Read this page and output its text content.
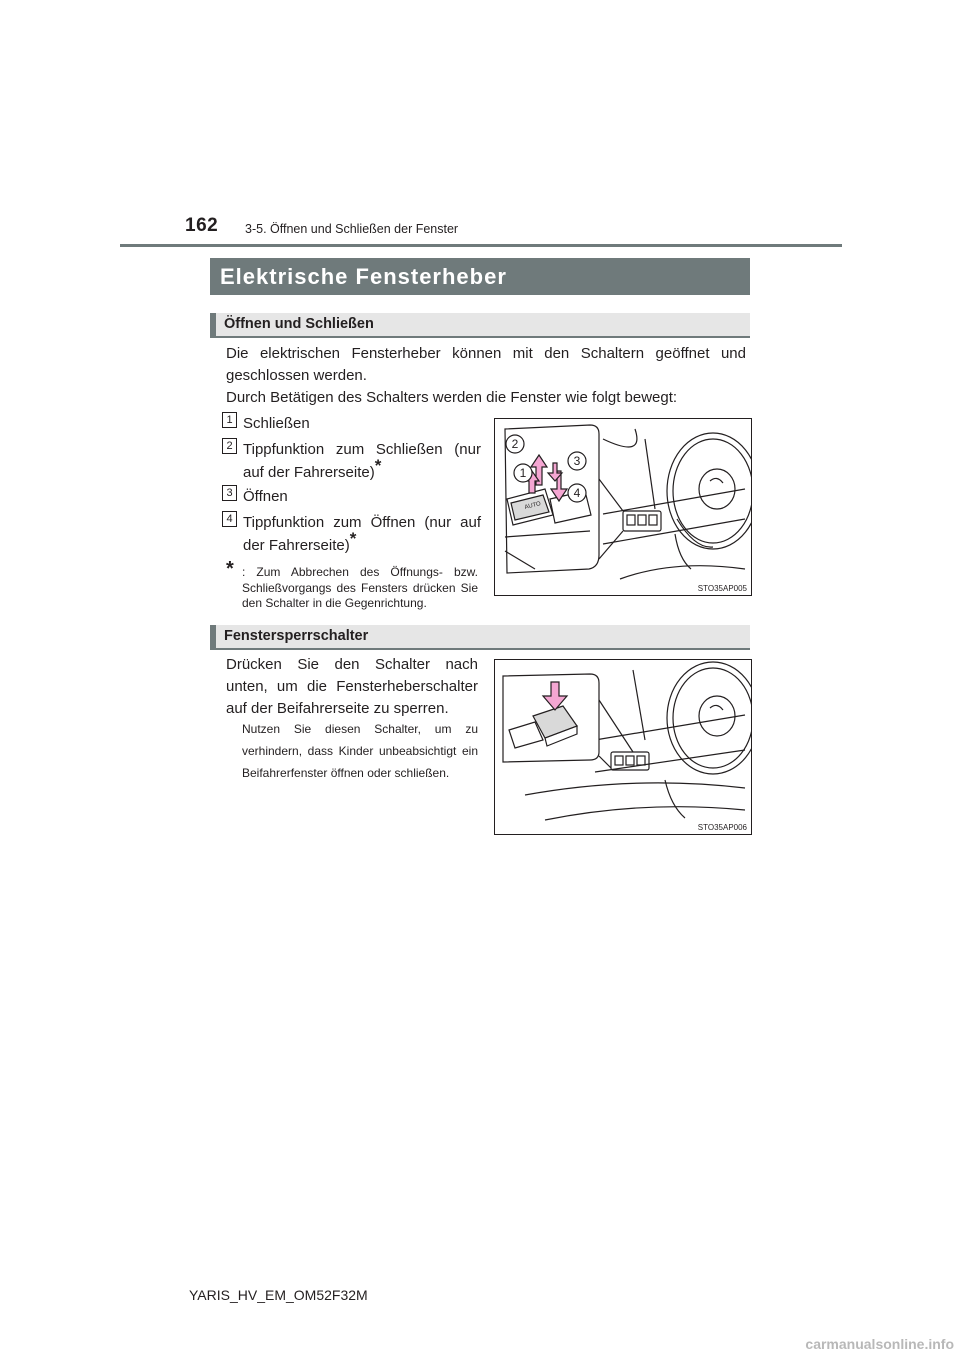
162 3-5. Öffnen und Schließen der Fenster
Elektrische Fensterheber
Öffnen und Schließen
Die elektrischen Fensterheber können mit den Schaltern geöffnet und geschlossen werden.
Durch Betätigen des Schalters werden die Fenster wie folgt bewegt:
1 Schließen
2 Tippfunktion zum Schließen (nur auf der Fahrerseite)*
3 Öffnen
4 Tippfunktion zum Öffnen (nur auf der Fahrerseite)*
* : Zum Abbrechen des Öffnungs- bzw. Schließvorgangs des Fensters drücken Sie den Schalter in die Gegenrichtung.
AUTO
2
1
3
4
STO35AP005
Fenstersperrschalter
Drücken Sie den Schalter nach unten, um die Fensterheberschalter auf der Beifahrerseite zu sperren.
Nutzen Sie diesen Schalter, um zu verhindern, dass Kinder unbeabsichtigt ein Beifahrerfenster öffnen oder schließen.
STO35AP006
YARIS_HV_EM_OM52F32M
carmanualsonline.info
